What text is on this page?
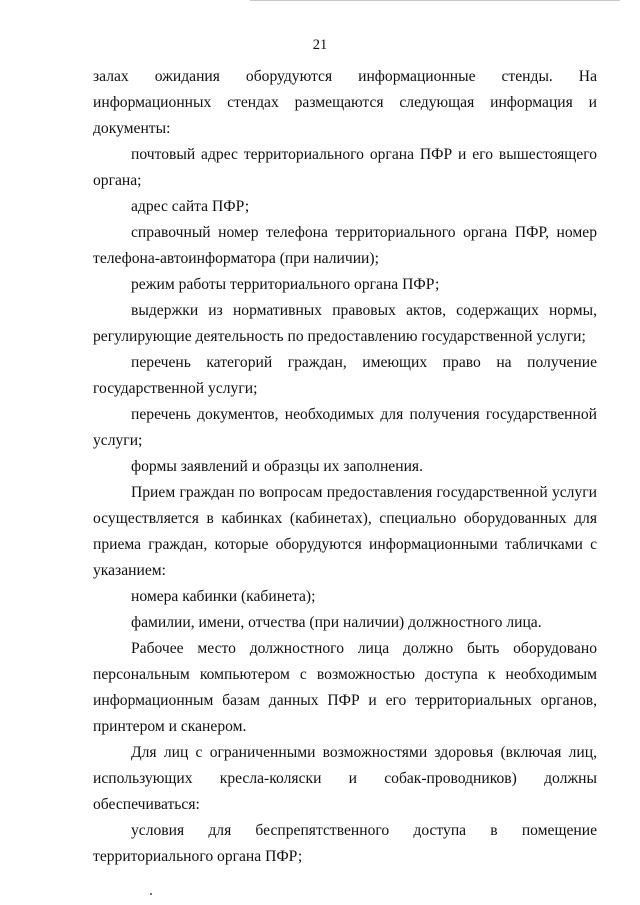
21

залах ожидания оборудуются информационные стенды. На информационных стендах размещаются следующая информация и документы:

почтовый адрес территориального органа ПФР и его вышестоящего органа;

адрес сайта ПФР;

справочный номер телефона территориального органа ПФР, номер телефона-автоинформатора (при наличии);

режим работы территориального органа ПФР;

выдержки из нормативных правовых актов, содержащих нормы, регулирующие деятельность по предоставлению государственной услуги;

перечень категорий граждан, имеющих право на получение государственной услуги;

перечень документов, необходимых для получения государственной услуги;

формы заявлений и образцы их заполнения.

Прием граждан по вопросам предоставления государственной услуги осуществляется в кабинках (кабинетах), специально оборудованных для приема граждан, которые оборудуются информационными табличками с указанием:

номера кабинки (кабинета);

фамилии, имени, отчества (при наличии) должностного лица.

Рабочее место должностного лица должно быть оборудовано персональным компьютером с возможностью доступа к необходимым информационным базам данных ПФР и его территориальных органов, принтером и сканером.

Для лиц с ограниченными возможностями здоровья (включая лиц, использующих кресла-коляски и собак-проводников) должны обеспечиваться:

условия для беспрепятственного доступа в помещение территориального органа ПФР;
